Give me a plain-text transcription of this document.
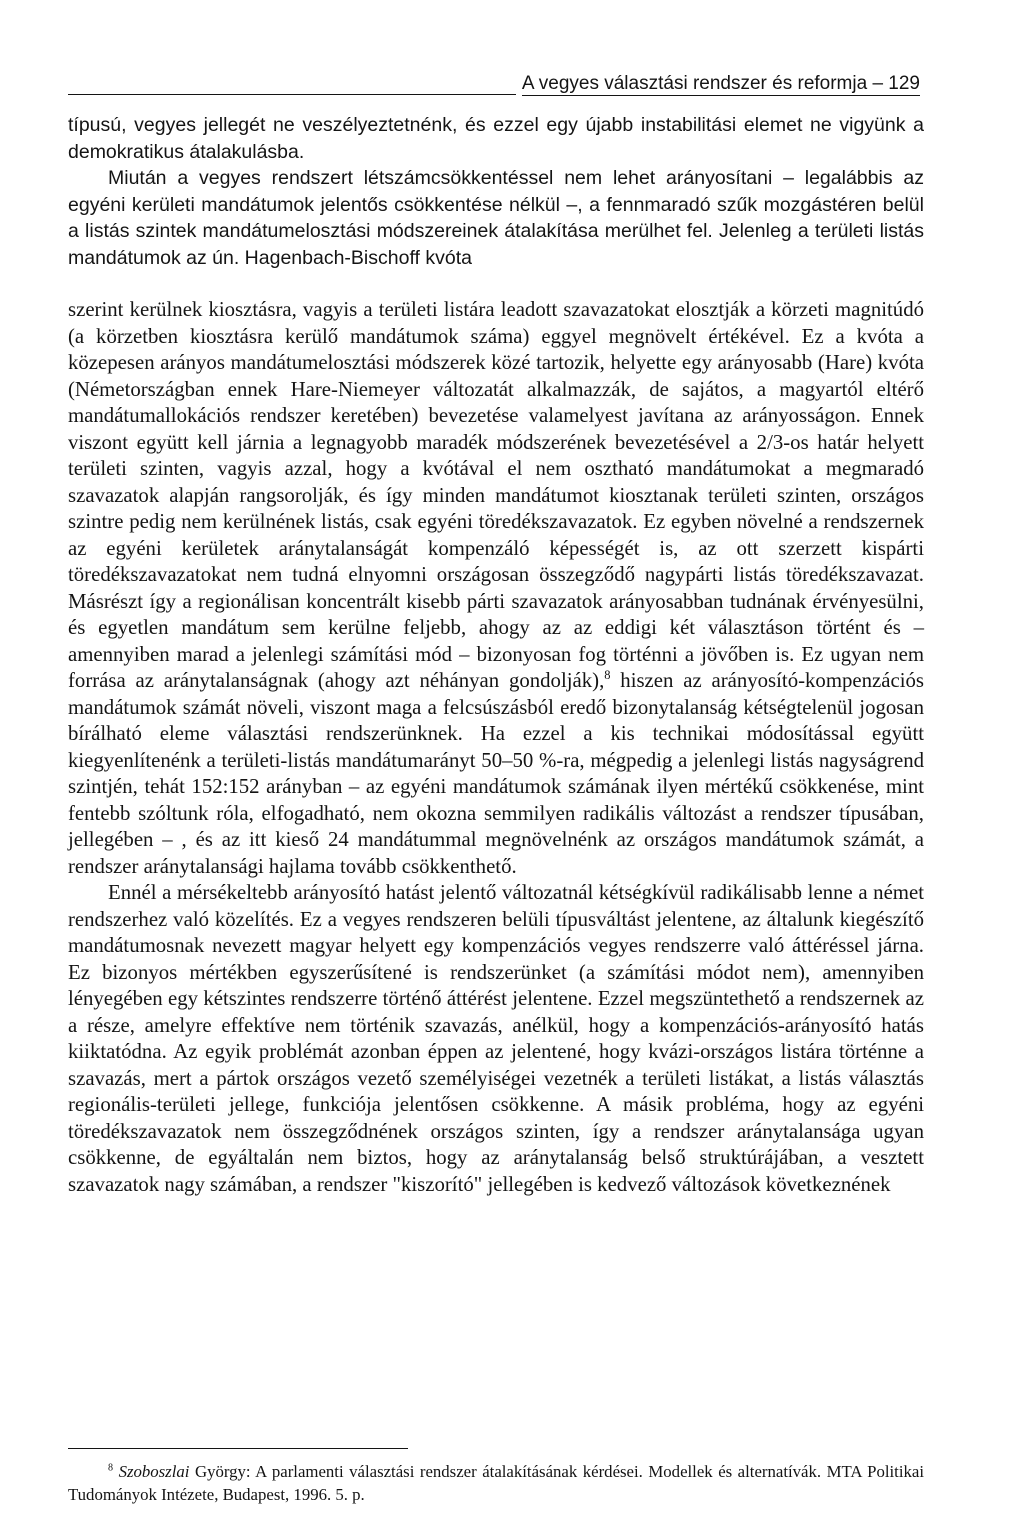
A vegyes választási rendszer és reformja – 129

típusú, vegyes jellegét ne veszélyeztetnénk, és ezzel egy újabb instabilitási elemet ne vigyünk a demokratikus átalakulásba.

Miután a vegyes rendszert létszámcsökkentéssel nem lehet arányosítani – legalábbis az egyéni kerületi mandátumok jelentős csökkentése nélkül –, a fennmaradó szűk mozgástéren belül a listás szintek mandátumelosztási módszereinek átalakítása merülhet fel. Jelenleg a területi listás mandátumok az ún. Hagenbach-Bischoff kvóta

szerint kerülnek kiosztásra, vagyis a területi listára leadott szavazatokat elosztják a körzeti magnitúdó (a körzetben kiosztásra kerülő mandátumok száma) eggyel megnövelt értékével. Ez a kvóta a közepesen arányos mandátumelosztási módszerek közé tartozik, helyette egy arányosabb (Hare) kvóta (Németországban ennek Hare-Niemeyer változatát alkalmazzák, de sajátos, a magyartól eltérő mandátumallokációs rendszer keretében) bevezetése valamelyest javítana az arányosságon. Ennek viszont együtt kell járnia a legnagyobb maradék módszerének bevezetésével a 2/3-os határ helyett területi szinten, vagyis azzal, hogy a kvótával el nem osztható mandátumokat a megmaradó szavazatok alapján rangsorolják, és így minden mandátumot kiosztanak területi szinten, országos szintre pedig nem kerülnének listás, csak egyéni töredékszavazatok. Ez egyben növelné a rendszernek az egyéni kerületek aránytalanságát kompenzáló képességét is, az ott szerzett kispárti töredékszavazatokat nem tudná elnyomni országosan összegződő nagypárti listás töredékszavazat. Másrészt így a regionálisan koncentrált kisebb párti szavazatok arányosabban tudnának érvényesülni, és egyetlen mandátum sem kerülne feljebb, ahogy az az eddigi két választáson történt és – amennyiben marad a jelenlegi számítási mód – bizonyosan fog történni a jövőben is. Ez ugyan nem forrása az aránytalanságnak (ahogy azt néhányan gondolják),$^8$ hiszen az arányosító-kompenzációs mandátumok számát növeli, viszont maga a felcsúszásból eredő bizonytalanság kétségtelenül jogosan bírálható eleme választási rendszerünknek. Ha ezzel a kis technikai módosítással együtt kiegyenlítenénk a területi-listás mandátumarányt 50–50 %-ra, mégpedig a jelenlegi listás nagyságrend szintjén, tehát 152:152 arányban – az egyéni mandátumok számának ilyen mértékű csökkenése, mint fentebb szóltunk róla, elfogadható, nem okozna semmilyen radikális változást a rendszer típusában, jellegében – , és az itt kieső 24 mandátummal megnövelnénk az országos mandátumok számát, a rendszer aránytalansági hajlama tovább csökkenthető.

Ennél a mérsékeltebb arányosító hatást jelentő változatnál kétségkívül radikálisabb lenne a német rendszerhez való közelítés. Ez a vegyes rendszeren belüli típusváltást jelentene, az általunk kiegészítő mandátumosnak nevezett magyar helyett egy kompenzációs vegyes rendszerre való áttéréssel járna. Ez bizonyos mértékben egyszerűsítené is rendszerünket (a számítási módot nem), amennyiben lényegében egy kétszintes rendszerre történő áttérést jelentene. Ezzel megszüntethető a rendszernek az a része, amelyre effektíve nem történik szavazás, anélkül, hogy a kompenzációs-arányosító hatás kiiktatódna. Az egyik problémát azonban éppen az jelentené, hogy kvázi-országos listára történne a szavazás, mert a pártok országos vezető személyiségei vezetnék a területi listákat, a listás választás regionális-területi jellege, funkciója jelentősen csökkenne. A másik probléma, hogy az egyéni töredékszavazatok nem összegződnének országos szinten, így a rendszer aránytalansága ugyan csökkenne, de egyáltalán nem biztos, hogy az aránytalanság belső struktúrájában, a vesztett szavazatok nagy számában, a rendszer "kiszorító" jellegében is kedvező változások következnének

$^8$ Szoboszlai György: A parlamenti választási rendszer átalakításának kérdései. Modellek és alternatívák. MTA Politikai Tudományok Intézete, Budapest, 1996. 5. p.
